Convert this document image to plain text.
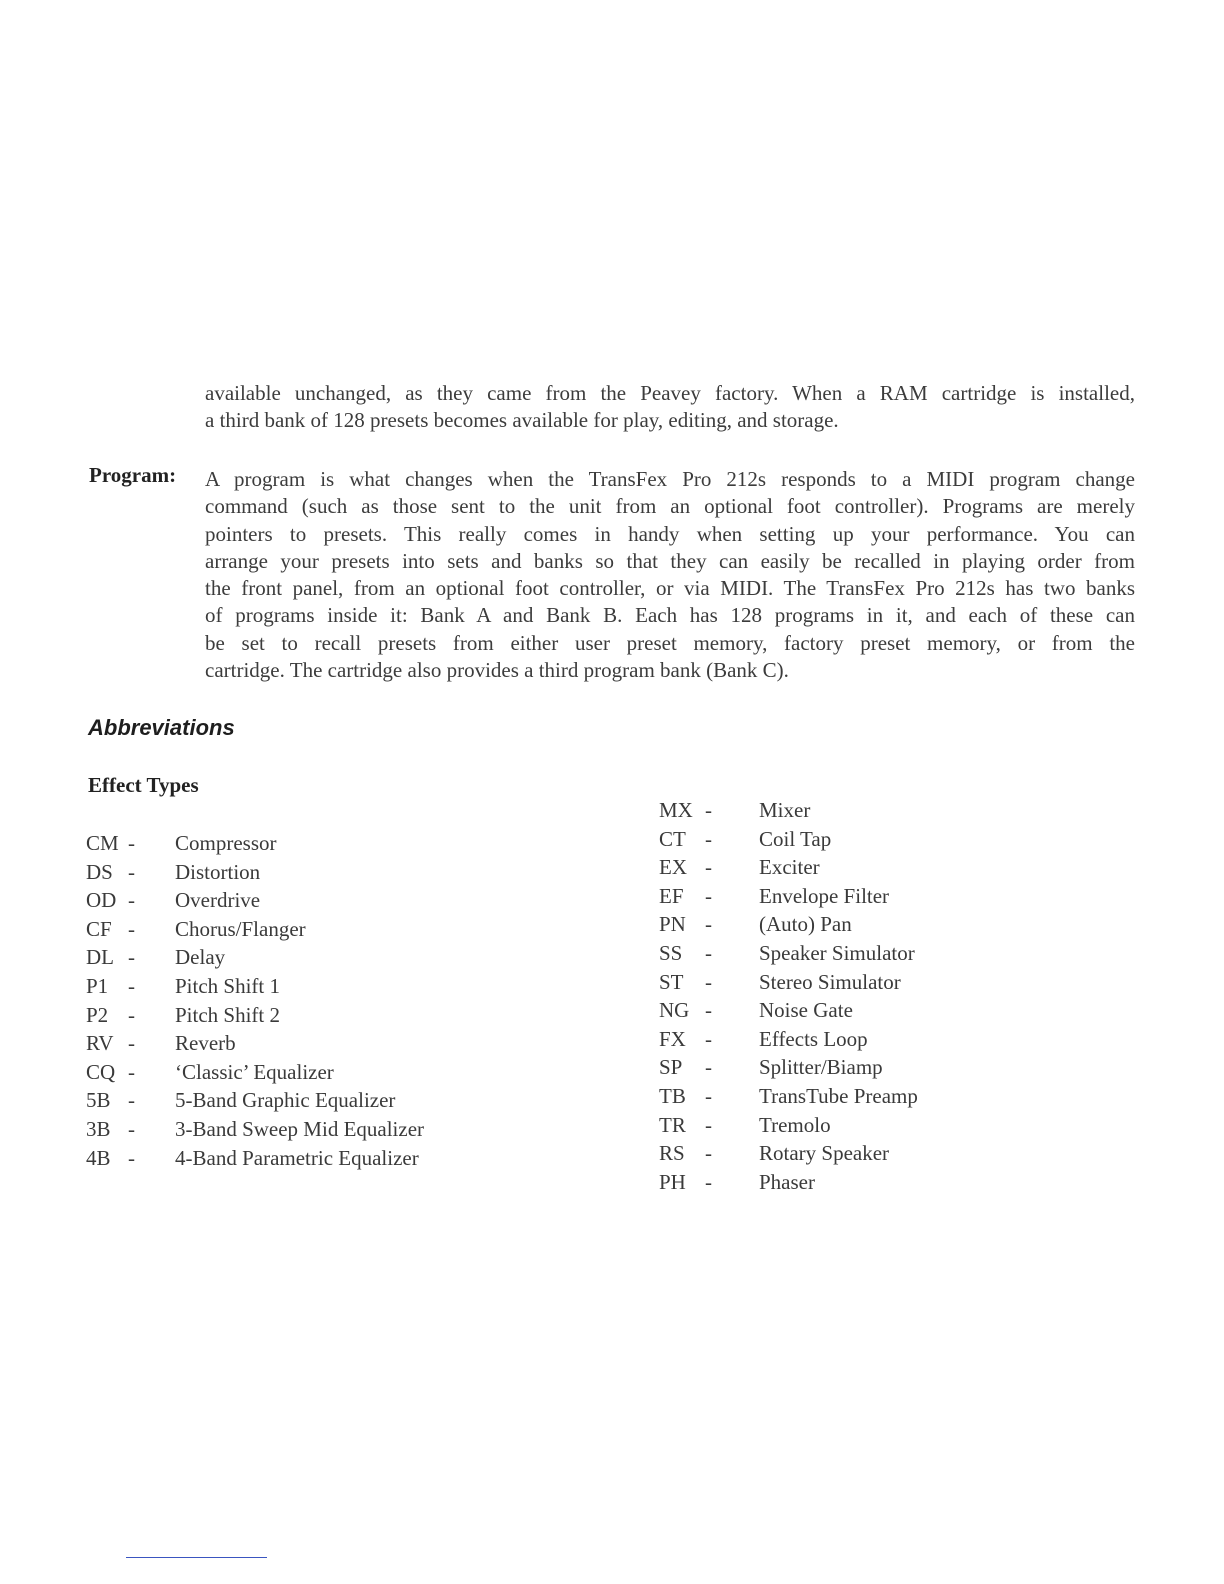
available unchanged, as they came from the Peavey factory. When a RAM cartridge is installed,
a third bank of 128 presets becomes available for play, editing, and storage.
Program: A program is what changes when the TransFex Pro 212s responds to a MIDI program change
command (such as those sent to the unit from an optional foot controller). Programs are merely
pointers to presets. This really comes in handy when setting up your performance. You can
arrange your presets into sets and banks so that they can easily be recalled in playing order from
the front panel, from an optional foot controller, or via MIDI. The TransFex Pro 212s has two banks
of programs inside it: Bank A and Bank B. Each has 128 programs in it, and each of these can
be set to recall presets from either user preset memory, factory preset memory, or from the
cartridge. The cartridge also provides a third program bank (Bank C).
Abbreviations
Effect Types
CM - Compressor
DS - Distortion
OD - Overdrive
CF - Chorus/Flanger
DL - Delay
P1 - Pitch Shift 1
P2 - Pitch Shift 2
RV - Reverb
CQ - ‘Classic’ Equalizer
5B - 5-Band Graphic Equalizer
3B - 3-Band Sweep Mid Equalizer
4B - 4-Band Parametric Equalizer
MX - Mixer
CT - Coil Tap
EX - Exciter
EF - Envelope Filter
PN - (Auto) Pan
SS - Speaker Simulator
ST - Stereo Simulator
NG - Noise Gate
FX - Effects Loop
SP - Splitter/Biamp
TB - TransTube Preamp
TR - Tremolo
RS - Rotary Speaker
PH - Phaser
